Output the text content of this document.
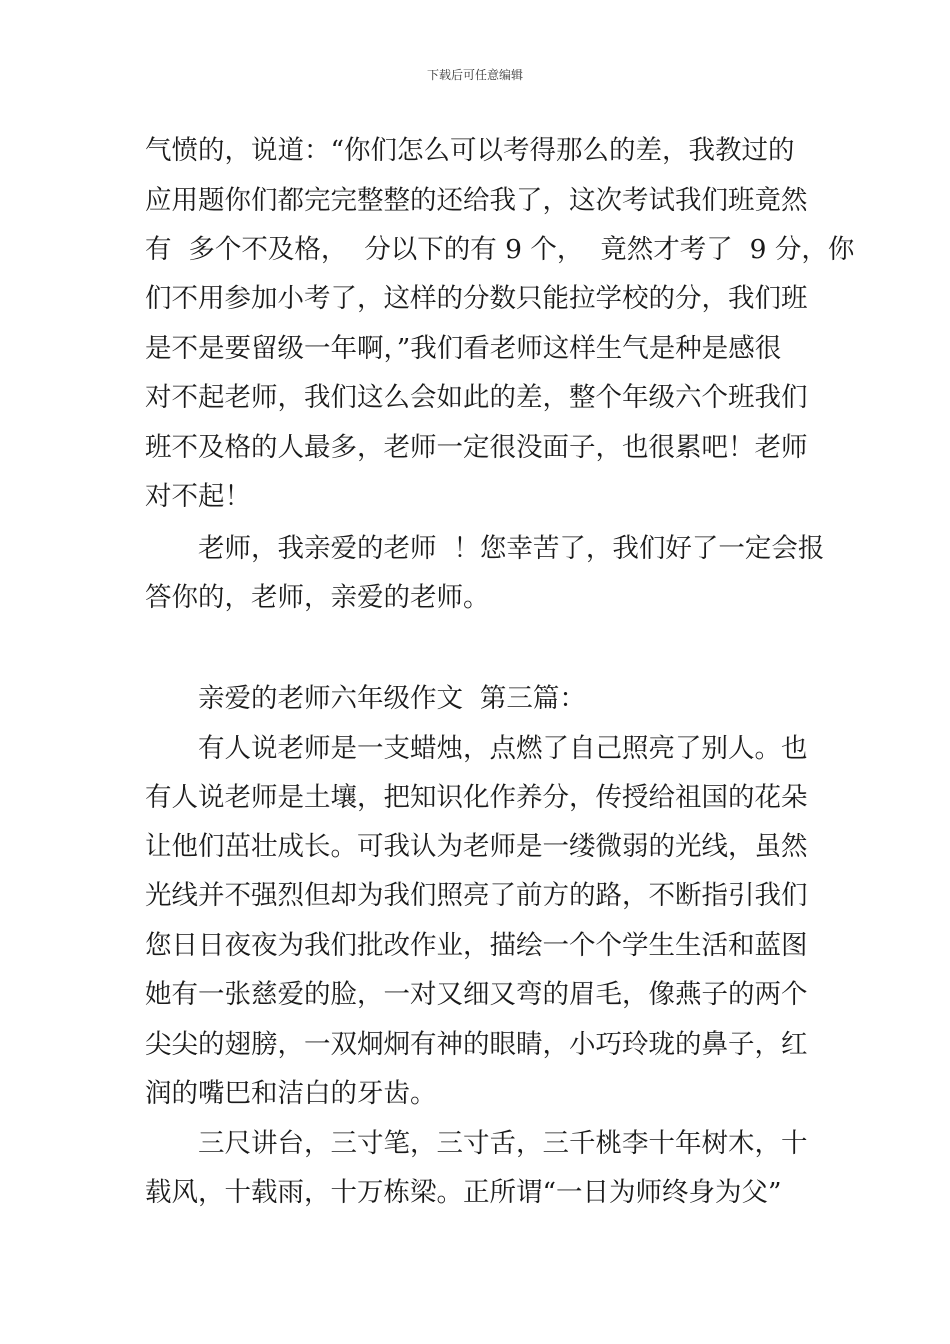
下载后可任意编辑
气愤的，说道：“你们怎么可以考得那么的差，我教过的
应用题你们都完完整整的还给我了，这次考试我们班竟然
有  多个不及格，  分以下的有 9 个，  竟然才考了  9 分，你
们不用参加小考了，这样的分数只能拉学校的分，我们班
是不是要留级一年啊，”我们看老师这样生气是种是感很
对不起老师，我们这么会如此的差，整个年级六个班我们
班不及格的人最多，老师一定很没面子，也很累吧！老师
对不起！
老师，我亲爱的老师  ！您幸苦了，我们好了一定会报
答你的，老师，亲爱的老师。
亲爱的老师六年级作文  第三篇：
有人说老师是一支蜡烛，点燃了自己照亮了别人。也
有人说老师是土壤，把知识化作养分，传授给祖国的花朵
让他们茁壮成长。可我认为老师是一缕微弱的光线，虽然
光线并不强烈但却为我们照亮了前方的路，不断指引我们
您日日夜夜为我们批改作业，描绘一个个学生生活和蓝图
她有一张慈爱的脸，一对又细又弯的眉毛，像燕子的两个
尖尖的翅膀，一双炯炯有神的眼睛，小巧玲珑的鼻子，红
润的嘴巴和洁白的牙齿。
三尺讲台，三寸笔，三寸舌，三千桃李十年树木，十
载风，十载雨，十万栋梁。正所谓“一日为师终身为父”
